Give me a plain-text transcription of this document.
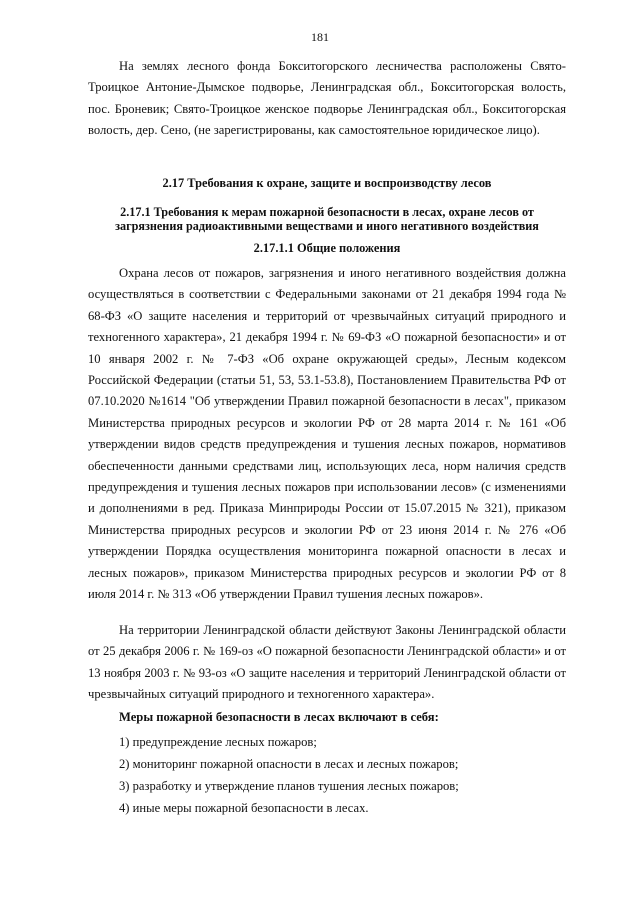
181

На землях лесного фонда Бокситогорского лесничества расположены Свято-Троицкое Антоние-Дымское подворье, Ленинградская обл., Бокситогорская волость, пос. Броневик; Свято-Троицкое женское подворье Ленинградская обл., Бокситогорская волость, дер. Сено, (не зарегистрированы, как самостоятельное юридическое лицо).

2.17 Требования к охране, защите и воспроизводству лесов

2.17.1 Требования к мерам пожарной безопасности в лесах, охране лесов от загрязнения радиоактивными веществами и иного негативного воздействия

2.17.1.1 Общие положения

Охрана лесов от пожаров, загрязнения и иного негативного воздействия должна осуществляться в соответствии с Федеральными законами от 21 декабря 1994 года № 68-ФЗ «О защите населения и территорий от чрезвычайных ситуаций природного и техногенного характера», 21 декабря 1994 г. № 69-ФЗ «О пожарной безопасности» и от 10 января 2002 г. № 7-ФЗ «Об охране окружающей среды», Лесным кодексом Российской Федерации (статьи 51, 53, 53.1-53.8), Постановлением Правительства РФ от 07.10.2020 №1614 "Об утверждении Правил пожарной безопасности в лесах", приказом Министерства природных ресурсов и экологии РФ от 28 марта 2014 г. № 161 «Об утверждении видов средств предупреждения и тушения лесных пожаров, нормативов обеспеченности данными средствами лиц, использующих леса, норм наличия средств предупреждения и тушения лесных пожаров при использовании лесов» (с изменениями и дополнениями в ред. Приказа Минприроды России от 15.07.2015 № 321), приказом Министерства природных ресурсов и экологии РФ от 23 июня 2014 г. № 276 «Об утверждении Порядка осуществления мониторинга пожарной опасности в лесах и лесных пожаров», приказом Министерства природных ресурсов и экологии РФ от 8 июля 2014 г. № 313 «Об утверждении Правил тушения лесных пожаров».

На территории Ленинградской области действуют Законы Ленинградской области от 25 декабря 2006 г. № 169-оз «О пожарной безопасности Ленинградской области» и от 13 ноября 2003 г. № 93-оз «О защите населения и территорий Ленинградской области от чрезвычайных ситуаций природного и техногенного характера».

Меры пожарной безопасности в лесах включают в себя:

1) предупреждение лесных пожаров;

2) мониторинг пожарной опасности в лесах и лесных пожаров;

3) разработку и утверждение планов тушения лесных пожаров;

4) иные меры пожарной безопасности в лесах.
